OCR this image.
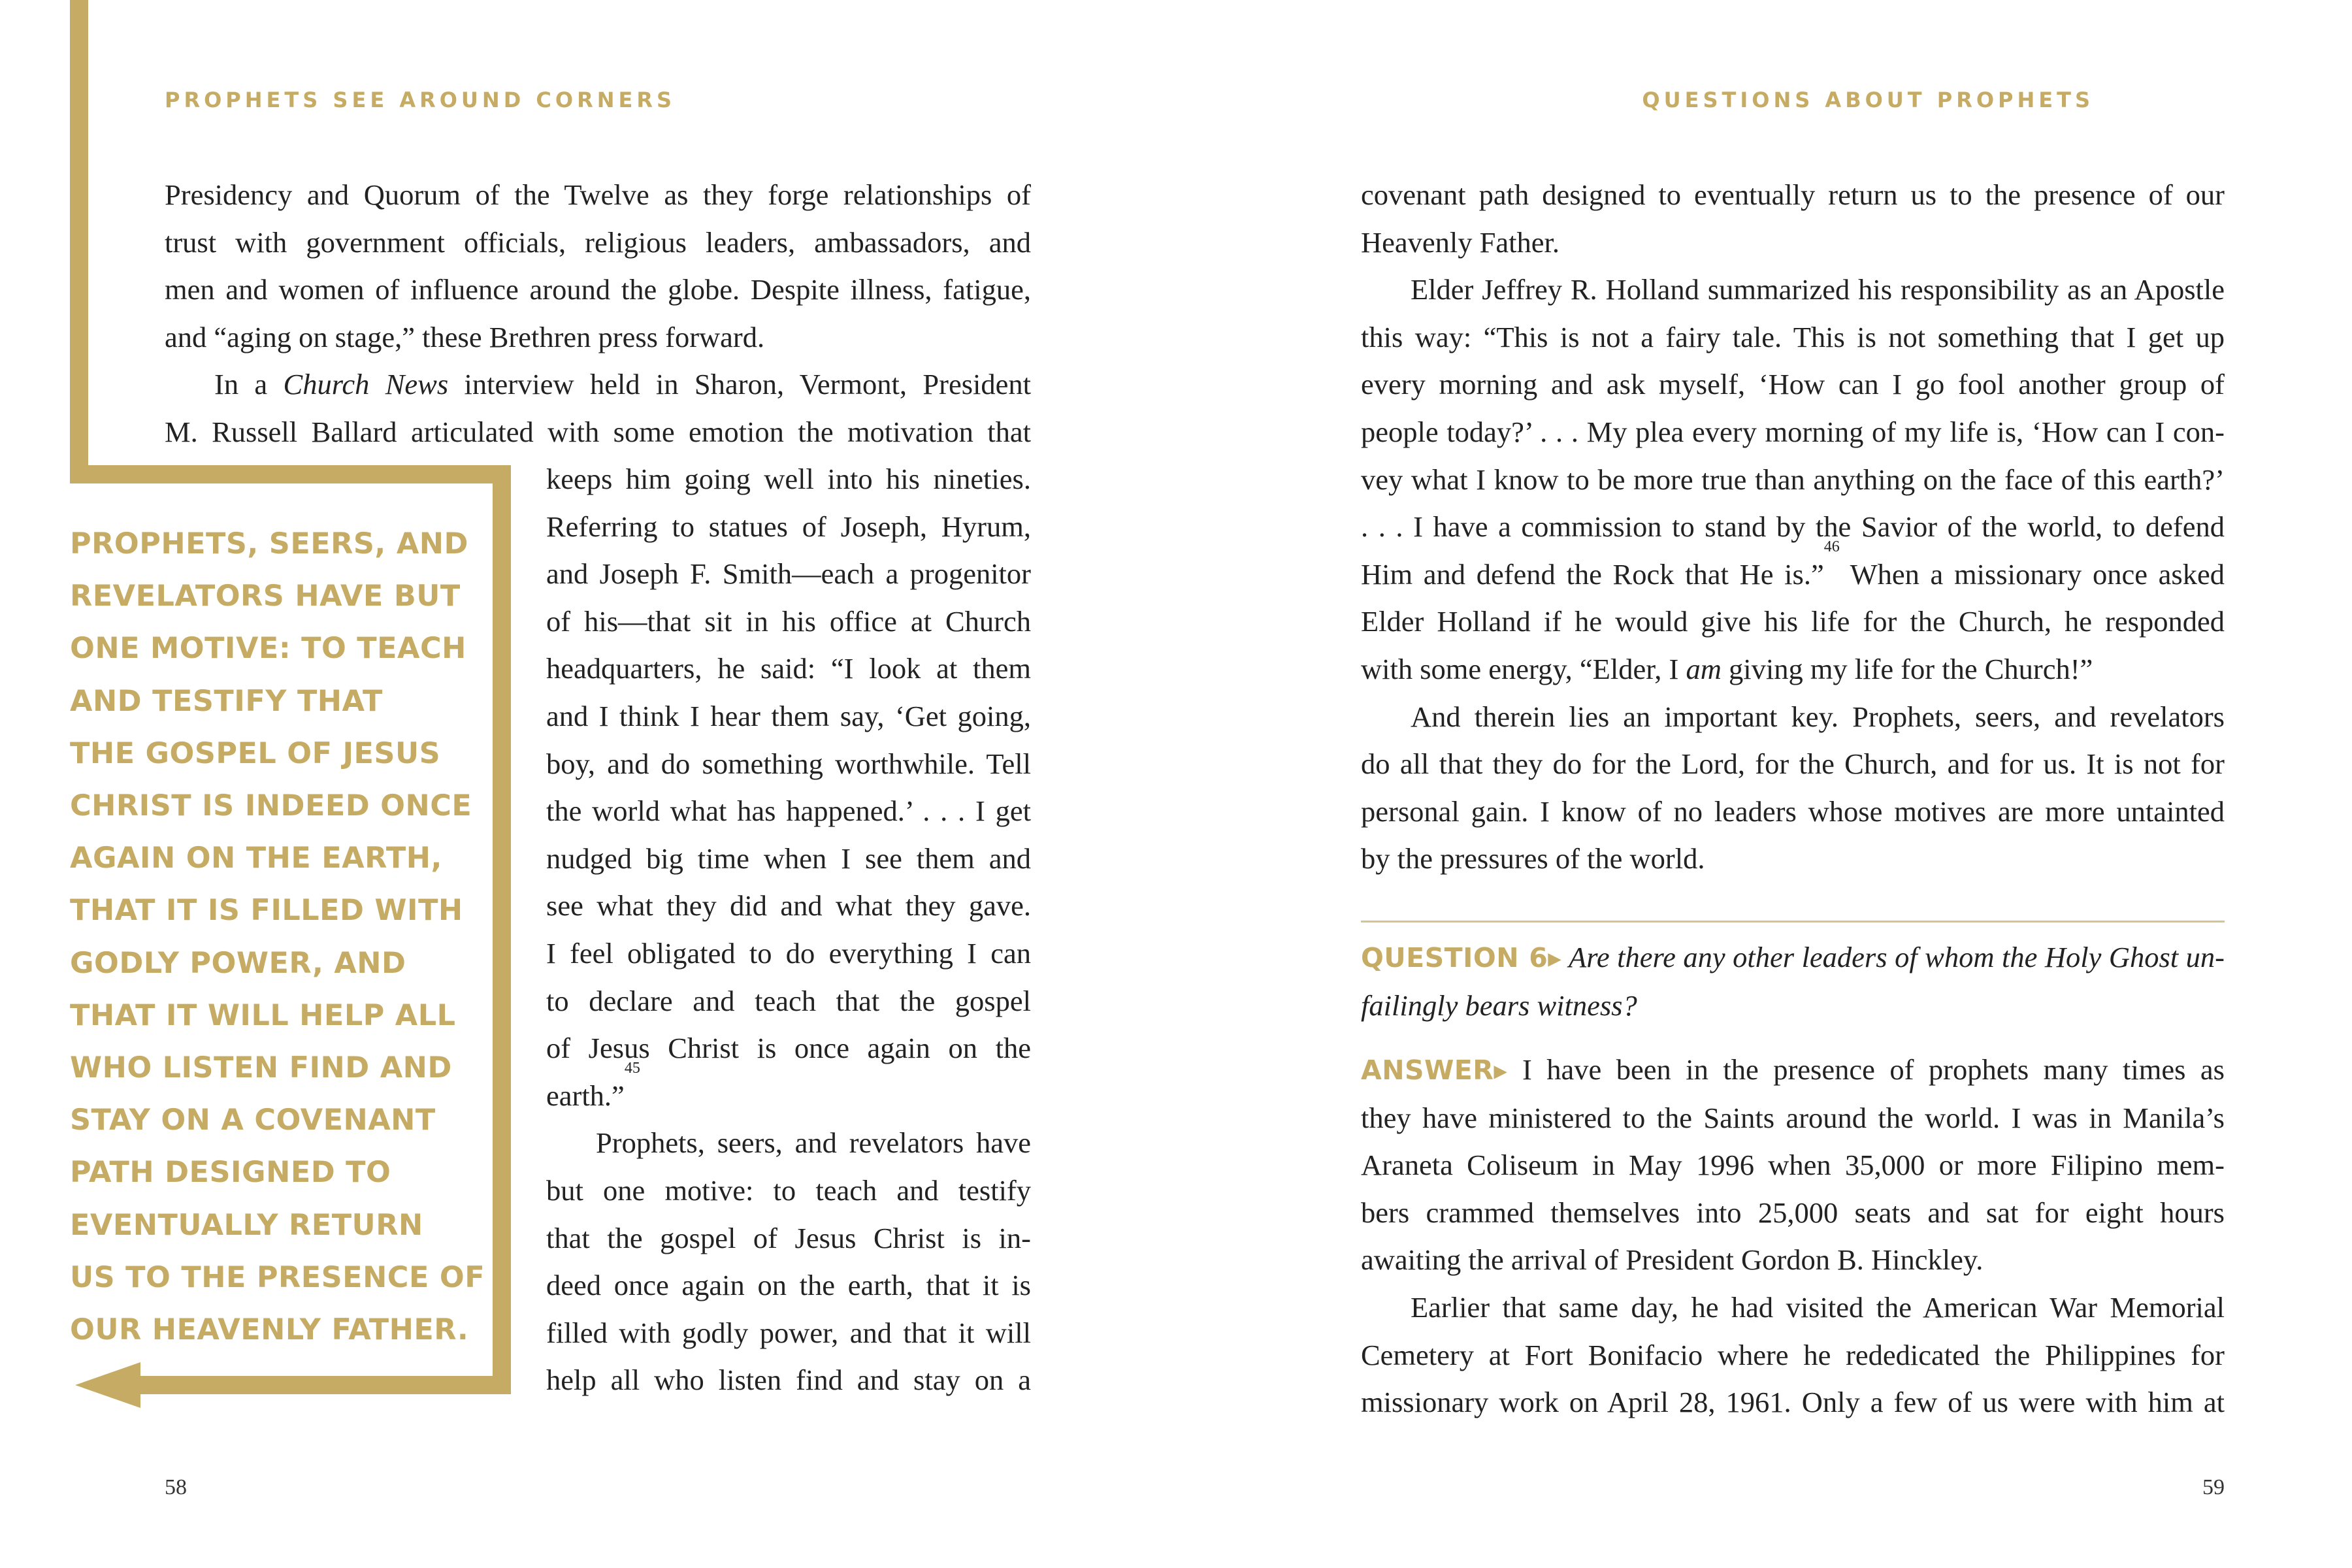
PROPHETS SEE AROUND CORNERS

Presidency and Quorum of the Twelve as they forge relationships of

trust with government officials, religious leaders, ambassadors, and

men and women of influence around the globe. Despite illness, fatigue,

and “aging on stage,” these Brethren press forward.

In a Church News interview held in Sharon, Vermont, President

M. Russell Ballard articulated with some emotion the motivation that

keeps him going well into his nineties.

Referring to statues of Joseph, Hyrum,

and Joseph F. Smith—each a progenitor

of his—that sit in his office at Church

headquarters, he said: “I look at them

and I think I hear them say, ‘Get going,

boy, and do something worthwhile. Tell

the world what has happened.’ . . . I get

nudged big time when I see them and

see what they did and what they gave.

I feel obligated to do everything I can

to declare and teach that the gospel

of Jesus Christ is once again on the

earth.”$^{45}$

Prophets, seers, and revelators have

but one motive: to teach and testify

that the gospel of Jesus Christ is in-

deed once again on the earth, that it is

filled with godly power, and that it will

help all who listen find and stay on a

PROPHETS, SEERS, AND
REVELATORS HAVE BUT
ONE MOTIVE: TO TEACH
AND TESTIFY THAT
THE GOSPEL OF JESUS
CHRIST IS INDEED ONCE
AGAIN ON THE EARTH,
THAT IT IS FILLED WITH
GODLY POWER, AND
THAT IT WILL HELP ALL
WHO LISTEN FIND AND
STAY ON A COVENANT
PATH DESIGNED TO
EVENTUALLY RETURN
US TO THE PRESENCE OF
OUR HEAVENLY FATHER.
58
QUESTIONS ABOUT PROPHETS

covenant path designed to eventually return us to the presence of our

Heavenly Father.

Elder Jeffrey R. Holland summarized his responsibility as an Apostle

this way: “This is not a fairy tale. This is not something that I get up

every morning and ask myself, ‘How can I go fool another group of

people today?’ . . . My plea every morning of my life is, ‘How can I con-

vey what I know to be more true than anything on the face of this earth?’

. . . I have a commission to stand by the Savior of the world, to defend

Him and defend the Rock that He is.”$^{46}$ When a missionary once asked

Elder Holland if he would give his life for the Church, he responded

with some energy, “Elder, I am giving my life for the Church!”

And therein lies an important key. Prophets, seers, and revelators

do all that they do for the Lord, for the Church, and for us. It is not for

personal gain. I know of no leaders whose motives are more untainted

by the pressures of the world.

QUESTION 6▸ Are there any other leaders of whom the Holy Ghost un-

failingly bears witness?

ANSWER▸ I have been in the presence of prophets many times as

they have ministered to the Saints around the world. I was in Manila’s

Araneta Coliseum in May 1996 when 35,000 or more Filipino mem-

bers crammed themselves into 25,000 seats and sat for eight hours

awaiting the arrival of President Gordon B. Hinckley.

Earlier that same day, he had visited the American War Memorial

Cemetery at Fort Bonifacio where he rededicated the Philippines for

missionary work on April 28, 1961. Only a few of us were with him at

59
